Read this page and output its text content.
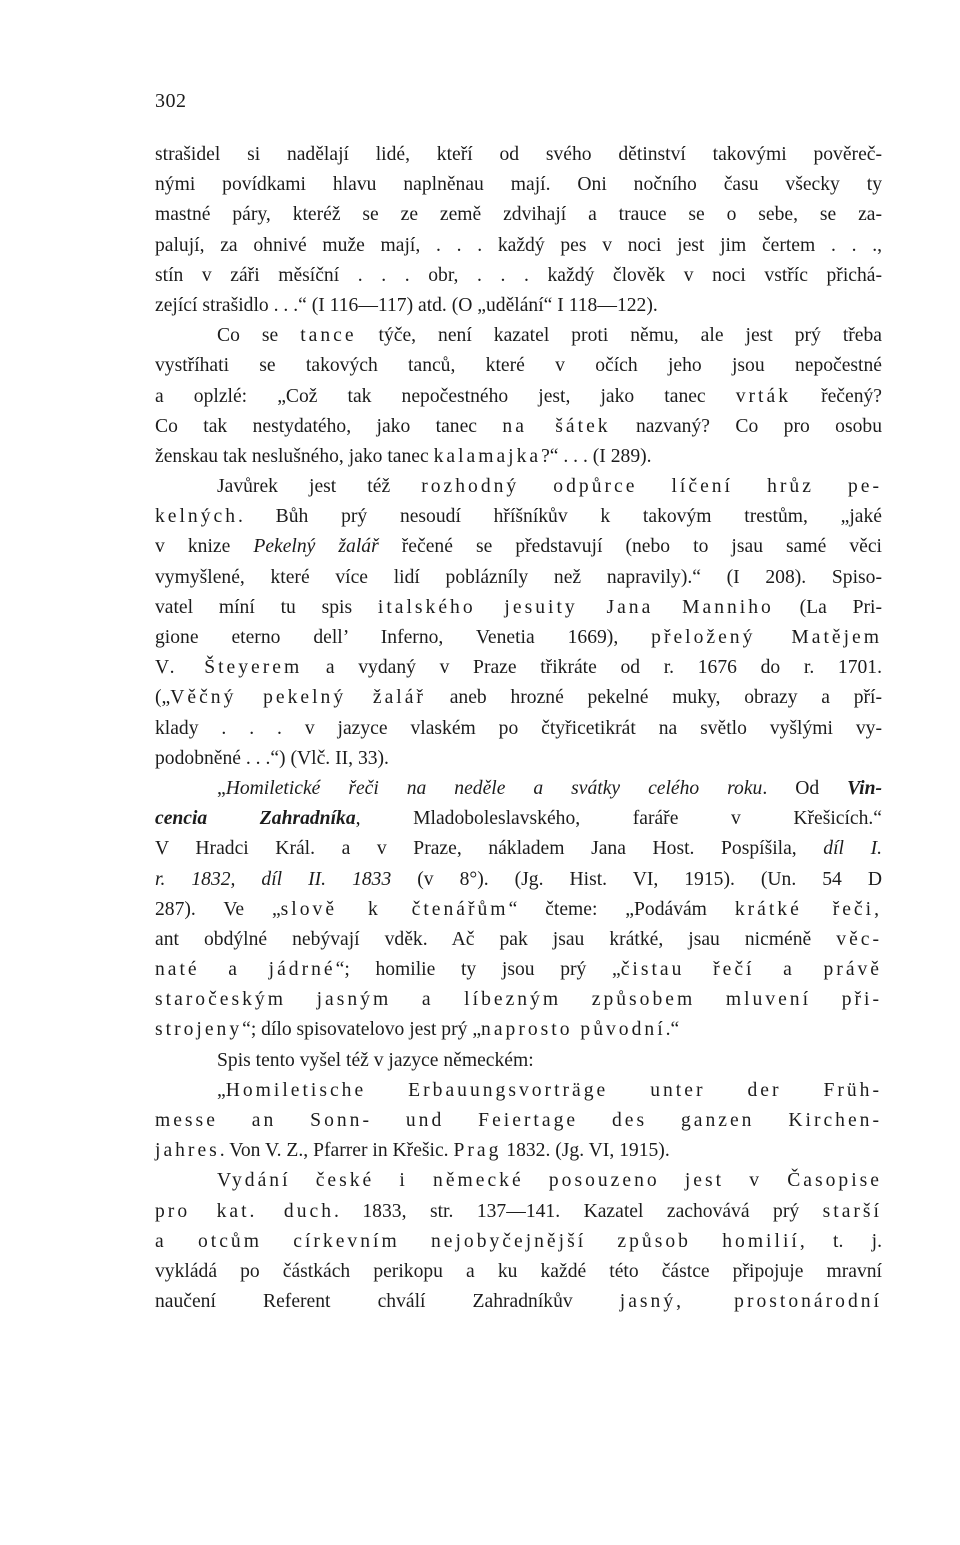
302
strašidel si nadělají lidé, kteří od svého dětinství takovými pověreč-
nými povídkami hlavu naplněnau mají. Oni nočního času všecky ty
mastné páry, kteréž se ze země zdvihají a trauce se o sebe, se za-
palují, za ohnivé muže mají, . . . každý pes v noci jest jim čertem . . .,
stín v záři měsíční . . . obr, . . . každý člověk v noci vstříc přichá-
zející strašidlo . . .“ (I 116—117) atd. (O „udělání“ I 118—122).
Co se tance týče, není kazatel proti němu, ale jest prý třeba
vystříhati se takových tanců, které v očích jeho jsou nepočestné
a oplzlé: „Což tak nepočestného jest, jako tanec vrták řečený?
Co tak nestydatého, jako tanec na šátek nazvaný? Co pro osobu
ženskau tak neslušného, jako tanec kalamajka?“ . . . (I 289).
Javůrek jest též rozhodný odpůrce líčení hrůz pe-
kelných. Bůh prý nesoudí hříšníkův k takovým trestům, „jaké
v knize Pekelný žalář řečené se představují (nebo to jsau samé věci
vymyšlené, které více lidí poblázníly než napravily).“ (I 208). Spiso-
vatel míní tu spis italského jesuity Jana Manniho (La Pri-
gione eterno dell’ Inferno, Venetia 1669), přeložený Matějem
V. Šteyerem a vydaný v Praze třikráte od r. 1676 do r. 1701.
(„Věčný pekelný žalář aneb hrozné pekelné muky, obrazy a pří-
klady . . . v jazyce vlaském po čtyřicetikrát na světlo vyšlými vy-
podobněné . . .“) (Vlč. II, 33).
„Homiletické řeči na neděle a svátky celého roku. Od Vin-
cencia Zahradníka, Mladoboleslavského, faráře v Křešicích.“
V Hradci Král. a v Praze, nákladem Jana Host. Pospíšila, díl I.
r. 1832, díl II. 1833 (v 8°). (Jg. Hist. VI, 1915). (Un. 54 D
287). Ve „slově k čtenářům“ čteme: „Podávám krátké řeči,
ant obdýlné nebývají vděk. Ač pak jsau krátké, jsau nicméně věc-
naté a jádrné“; homilie ty jsou prý „čistau řečí a právě
staročeským jasným a líbezným způsobem mluvení při-
strojeny“; dílo spisovatelovo jest prý „naprosto původní.“
Spis tento vyšel též v jazyce německém:
„Homiletische Erbauungsvorträge unter der Früh-
messe an Sonn- und Feiertage des ganzen Kirchen-
jahres. Von V. Z., Pfarrer in Křešic. Prag 1832. (Jg. VI, 1915).
Vydání české i německé posouzeno jest v Časopise
pro kat. duch. 1833, str. 137—141. Kazatel zachovává prý starší
a otcům církevním nejobyčejnější způsob homilií, t. j.
vykládá po částkách perikopu a ku každé této částce připojuje mravní
naučení Referent chválí Zahradníkův jasný, prostonárodní
